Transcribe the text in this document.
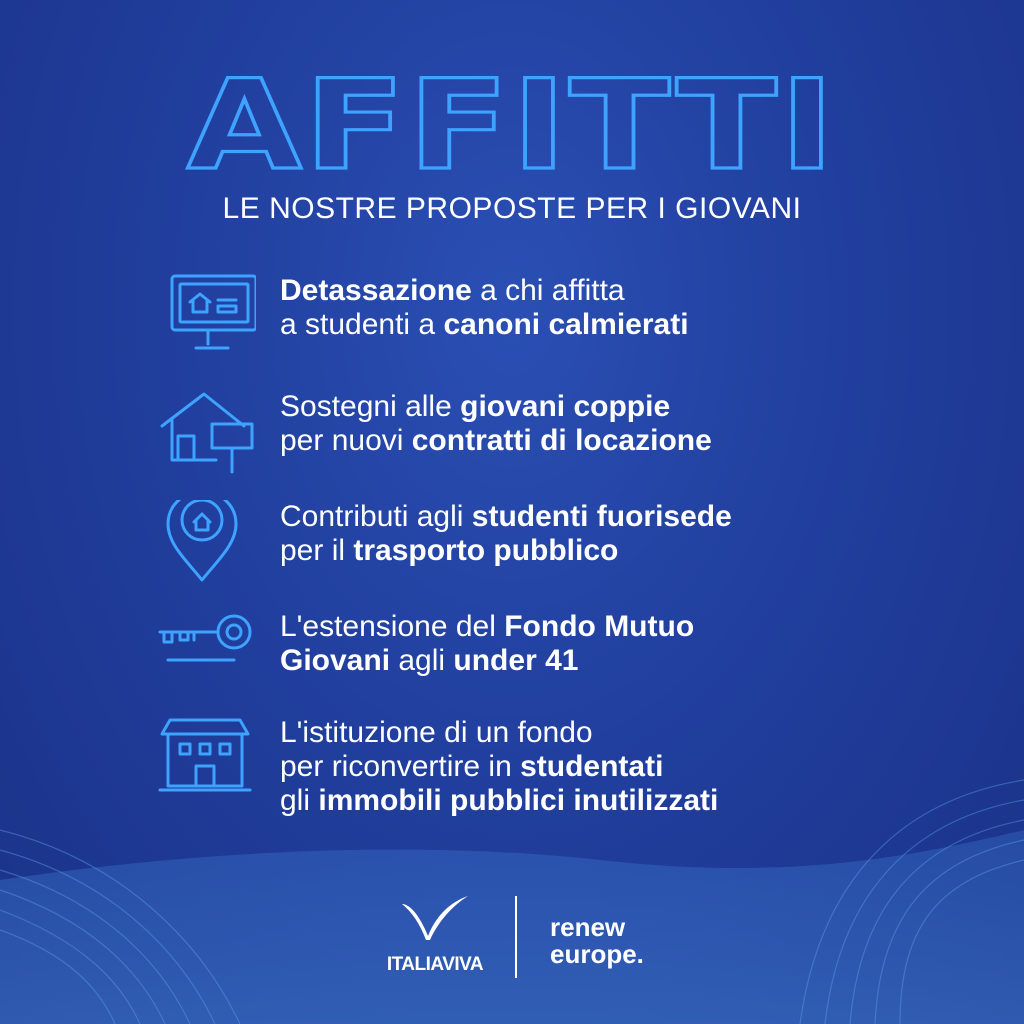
AFFITTI
LE NOSTRE PROPOSTE PER I GIOVANI
Detassazione a chi affitta
a studenti a canoni calmierati
Sostegni alle giovani coppie
per nuovi contratti di locazione
Contributi agli studenti fuorisede
per il trasporto pubblico
L'estensione del Fondo Mutuo
Giovani agli under 41
L'istituzione di un fondo
per riconvertire in studentati
gli immobili pubblici inutilizzati
ITALIAVIVA
renew
europe.
